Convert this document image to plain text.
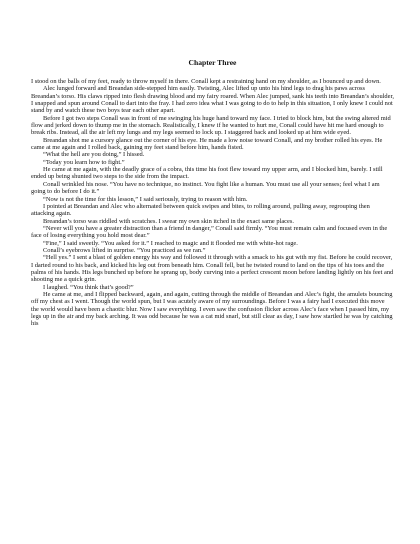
Chapter Three

I stood on the balls of my feet, ready to throw myself in there. Conall kept a restraining hand on my shoulder, as I bounced up and down.

Alec lunged forward and Breandan side-stepped him easily. Twisting, Alec lifted up unto his hind legs to drag his paws across Breandan’s torso. His claws ripped into flesh drawing blood and my fairy roared. When Alec jumped, sank his teeth into Breandan’s shoulder, I snapped and spun around Conall to dart into the fray. I had zero idea what I was going to do to help in this situation, I only knew I could not stand by and watch these two boys tear each other apart.

Before I got two steps Conall was in front of me swinging his huge hand toward my face. I tried to block him, but the swing altered mid flow and jerked down to thump me in the stomach. Realistically, I knew if he wanted to hurt me, Conall could have hit me hard enough to break ribs. Instead, all the air left my lungs and my legs seemed to lock up. I staggered back and looked up at him wide eyed.

Breandan shot me a cursory glance out the corner of his eye. He made a low noise toward Conall, and my brother rolled his eyes. He came at me again and I rolled back, gaining my feet stand before him, hands fisted.

“What the hell are you doing,” I hissed.

“Today you learn how to fight.”

He came at me again, with the deadly grace of a cobra, this time his foot flew toward my upper arm, and I blocked him, barely. I still ended up being shunted two steps to the side from the impact.

Conall wrinkled his nose. “You have no technique, no instinct. You fight like a human. You must use all your senses; feel what I am going to do before I do it.”

“Now is not the time for this lesson,” I said seriously, trying to reason with him.

I pointed at Breandan and Alec who alternated between quick swipes and bites, to rolling around, pulling away, regrouping then attacking again.

Breandan’s torso was riddled with scratches. I swear my own skin itched in the exact same places.

“Never will you have a greater distraction than a friend in danger,” Conall said firmly. “You must remain calm and focused even in the face of losing everything you hold most dear.”

“Fine,” I said sweetly. “You asked for it.” I reached to magic and it flooded me with white-hot rage.

Conall’s eyebrows lifted in surprise. “You practiced as we ran.”

“Hell yes.” I sent a blast of golden energy his way and followed it through with a smack to his gut with my fist. Before he could recover, I darted round to his back, and kicked his leg out from beneath him. Conall fell, but he twisted round to land on the tips of his toes and the palms of his hands. His legs bunched up before he sprang up, body curving into a perfect crescent moon before landing lightly on his feet and shooting me a quick grin.

I laughed. “You think that’s good?”

He came at me, and I flipped backward, again, and again, cutting through the middle of Breandan and Alec’s fight, the amulets bouncing off my chest as I went. Though the world spun, but I was acutely aware of my surroundings. Before I was a fairy had I executed this move the world would have been a chaotic blur. Now I saw everything. I even saw the confusion flicker across Alec’s face when I passed him, my legs up in the air and my back arching. It was odd because he was a cat mid snarl, but still clear as day, I saw how startled he was by catching his
